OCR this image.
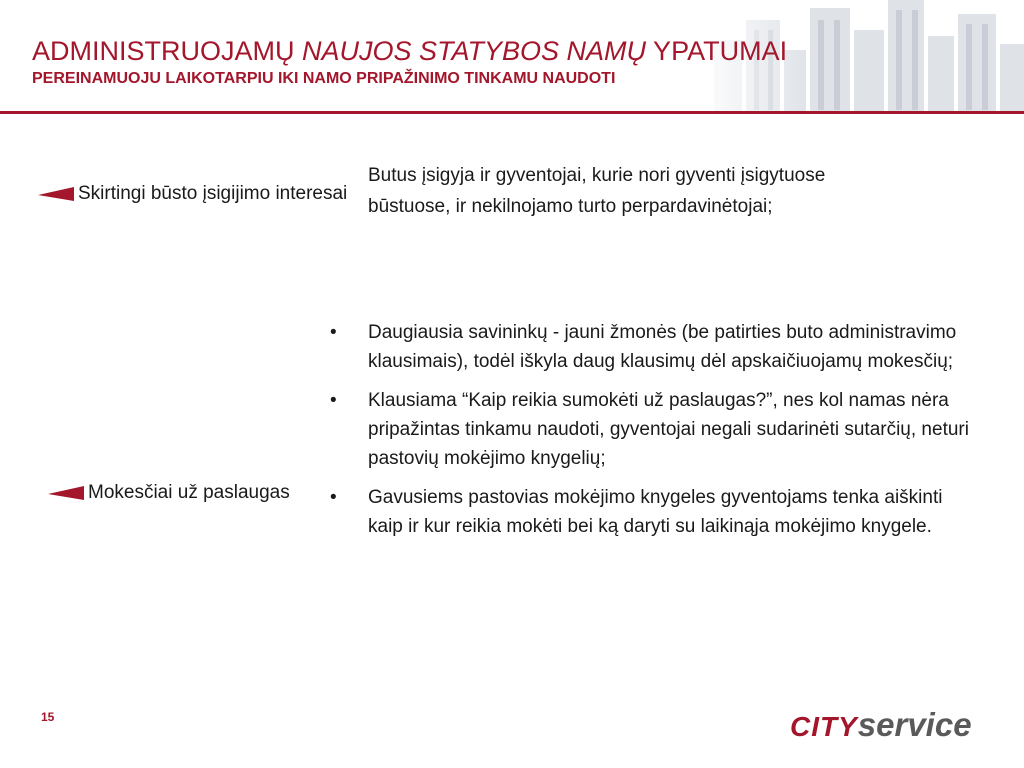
ADMINISTRUOJAMŲ NAUJOS STATYBOS NAMŲ YPATUMAI
PEREINAMUOJU LAIKOTARPIU IKI NAMO PRIPAŽINIMO TINKAMU NAUDOTI
Skirtingi būsto įsigijimo interesai
Mokesčiai už paslaugas
Butus įsigyja ir gyventojai, kurie nori gyventi įsigytuose būstuose, ir nekilnojamo turto perpardavinėtojai;
• Daugiausia savininkų - jauni žmonės (be patirties buto administravimo klausimais), todėl iškyla daug klausimų dėl apskaičiuojamų mokesčių;
• Klausiama “Kaip reikia sumokėti už paslaugas?”, nes kol namas nėra pripažintas tinkamu naudoti, gyventojai negali sudarinėti sutarčių, neturi pastovių mokėjimo knygelių;
• Gavusiems pastovias mokėjimo knygeles gyventojams tenka aiškinti kaip ir kur reikia mokėti bei ką daryti su laikinąja mokėjimo knygele.
15	CITYservice
